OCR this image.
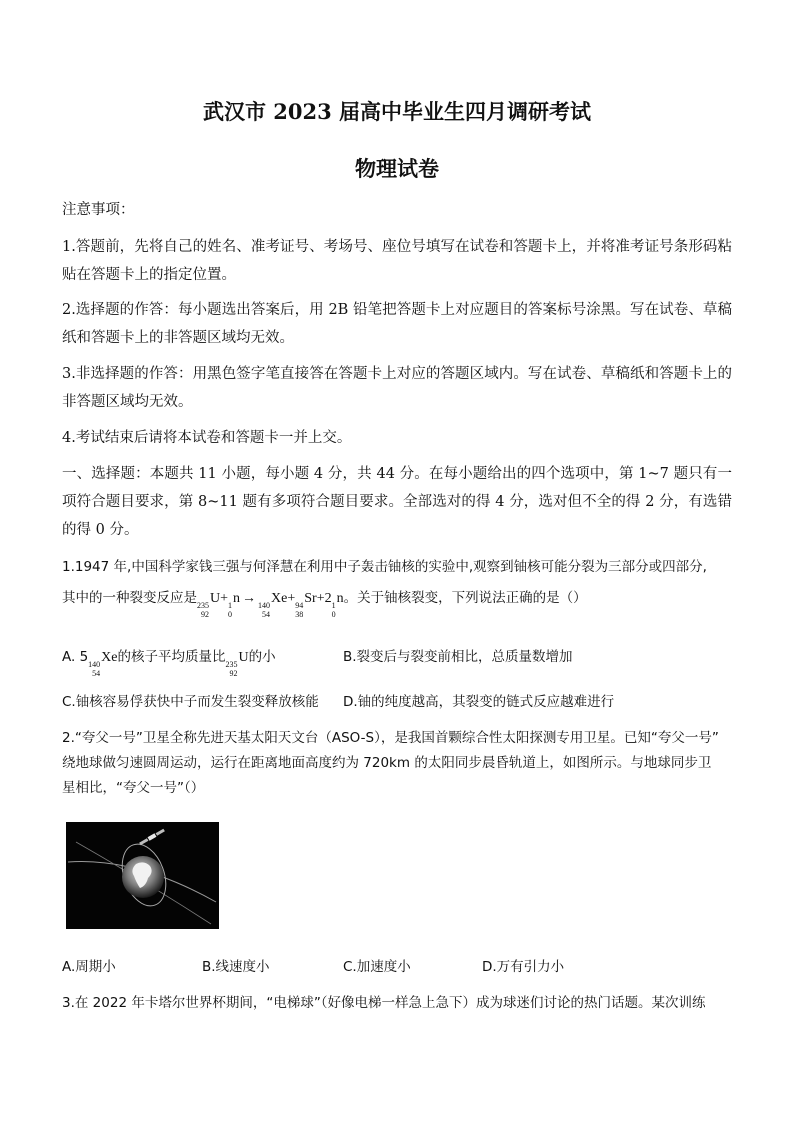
武汉市 2023 届高中毕业生四月调研考试
物理试卷
注意事项：
1.答题前，先将自己的姓名、准考证号、考场号、座位号填写在试卷和答题卡上，并将准考证号条形码粘贴在答题卡上的指定位置。
2.选择题的作答：每小题选出答案后，用 2B 铅笔把答题卡上对应题目的答案标号涂黑。写在试卷、草稿纸和答题卡上的非答题区域均无效。
3.非选择题的作答：用黑色签字笔直接答在答题卡上对应的答题区域内。写在试卷、草稿纸和答题卡上的非答题区域均无效。
4.考试结束后请将本试卷和答题卡一并上交。
一、选择题：本题共 11 小题，每小题 4 分，共 44 分。在每小题给出的四个选项中，第 1~7 题只有一项符合题目要求，第 8~11 题有多项符合题目要求。全部选对的得 4 分，选对但不全的得 2 分，有选错的得 0 分。
1.1947 年,中国科学家钱三强与何泽慧在利用中子轰击铀核的实验中,观察到铀核可能分裂为三部分或四部分,
其中的一种裂变反应是 235
92
U+ 1
0
n → 140
54
Xe+ 94
38
Sr+2 1
0
n。关于铀核裂变，下列说法正确的是（）
A. 5 140
54
Xe的核子平均质量比 235
92
U的小	B.裂变后与裂变前相比，总质量数增加
C.铀核容易俘获快中子而发生裂变释放核能 D.铀的纯度越高，其裂变的链式反应越难进行
2.“夸父一号”卫星全称先进天基太阳天文台（ASO-S），是我国首颗综合性太阳探测专用卫星。已知“夸父一号”
绕地球做匀速圆周运动，运行在距离地面高度约为 720km 的太阳同步晨昏轨道上，如图所示。与地球同步卫
星相比，“夸父一号”（）
A.周期小	B.线速度小	C.加速度小	D.万有引力小
3.在 2022 年卡塔尔世界杯期间，“电梯球”（好像电梯一样急上急下）成为球迷们讨论的热门话题。某次训练
